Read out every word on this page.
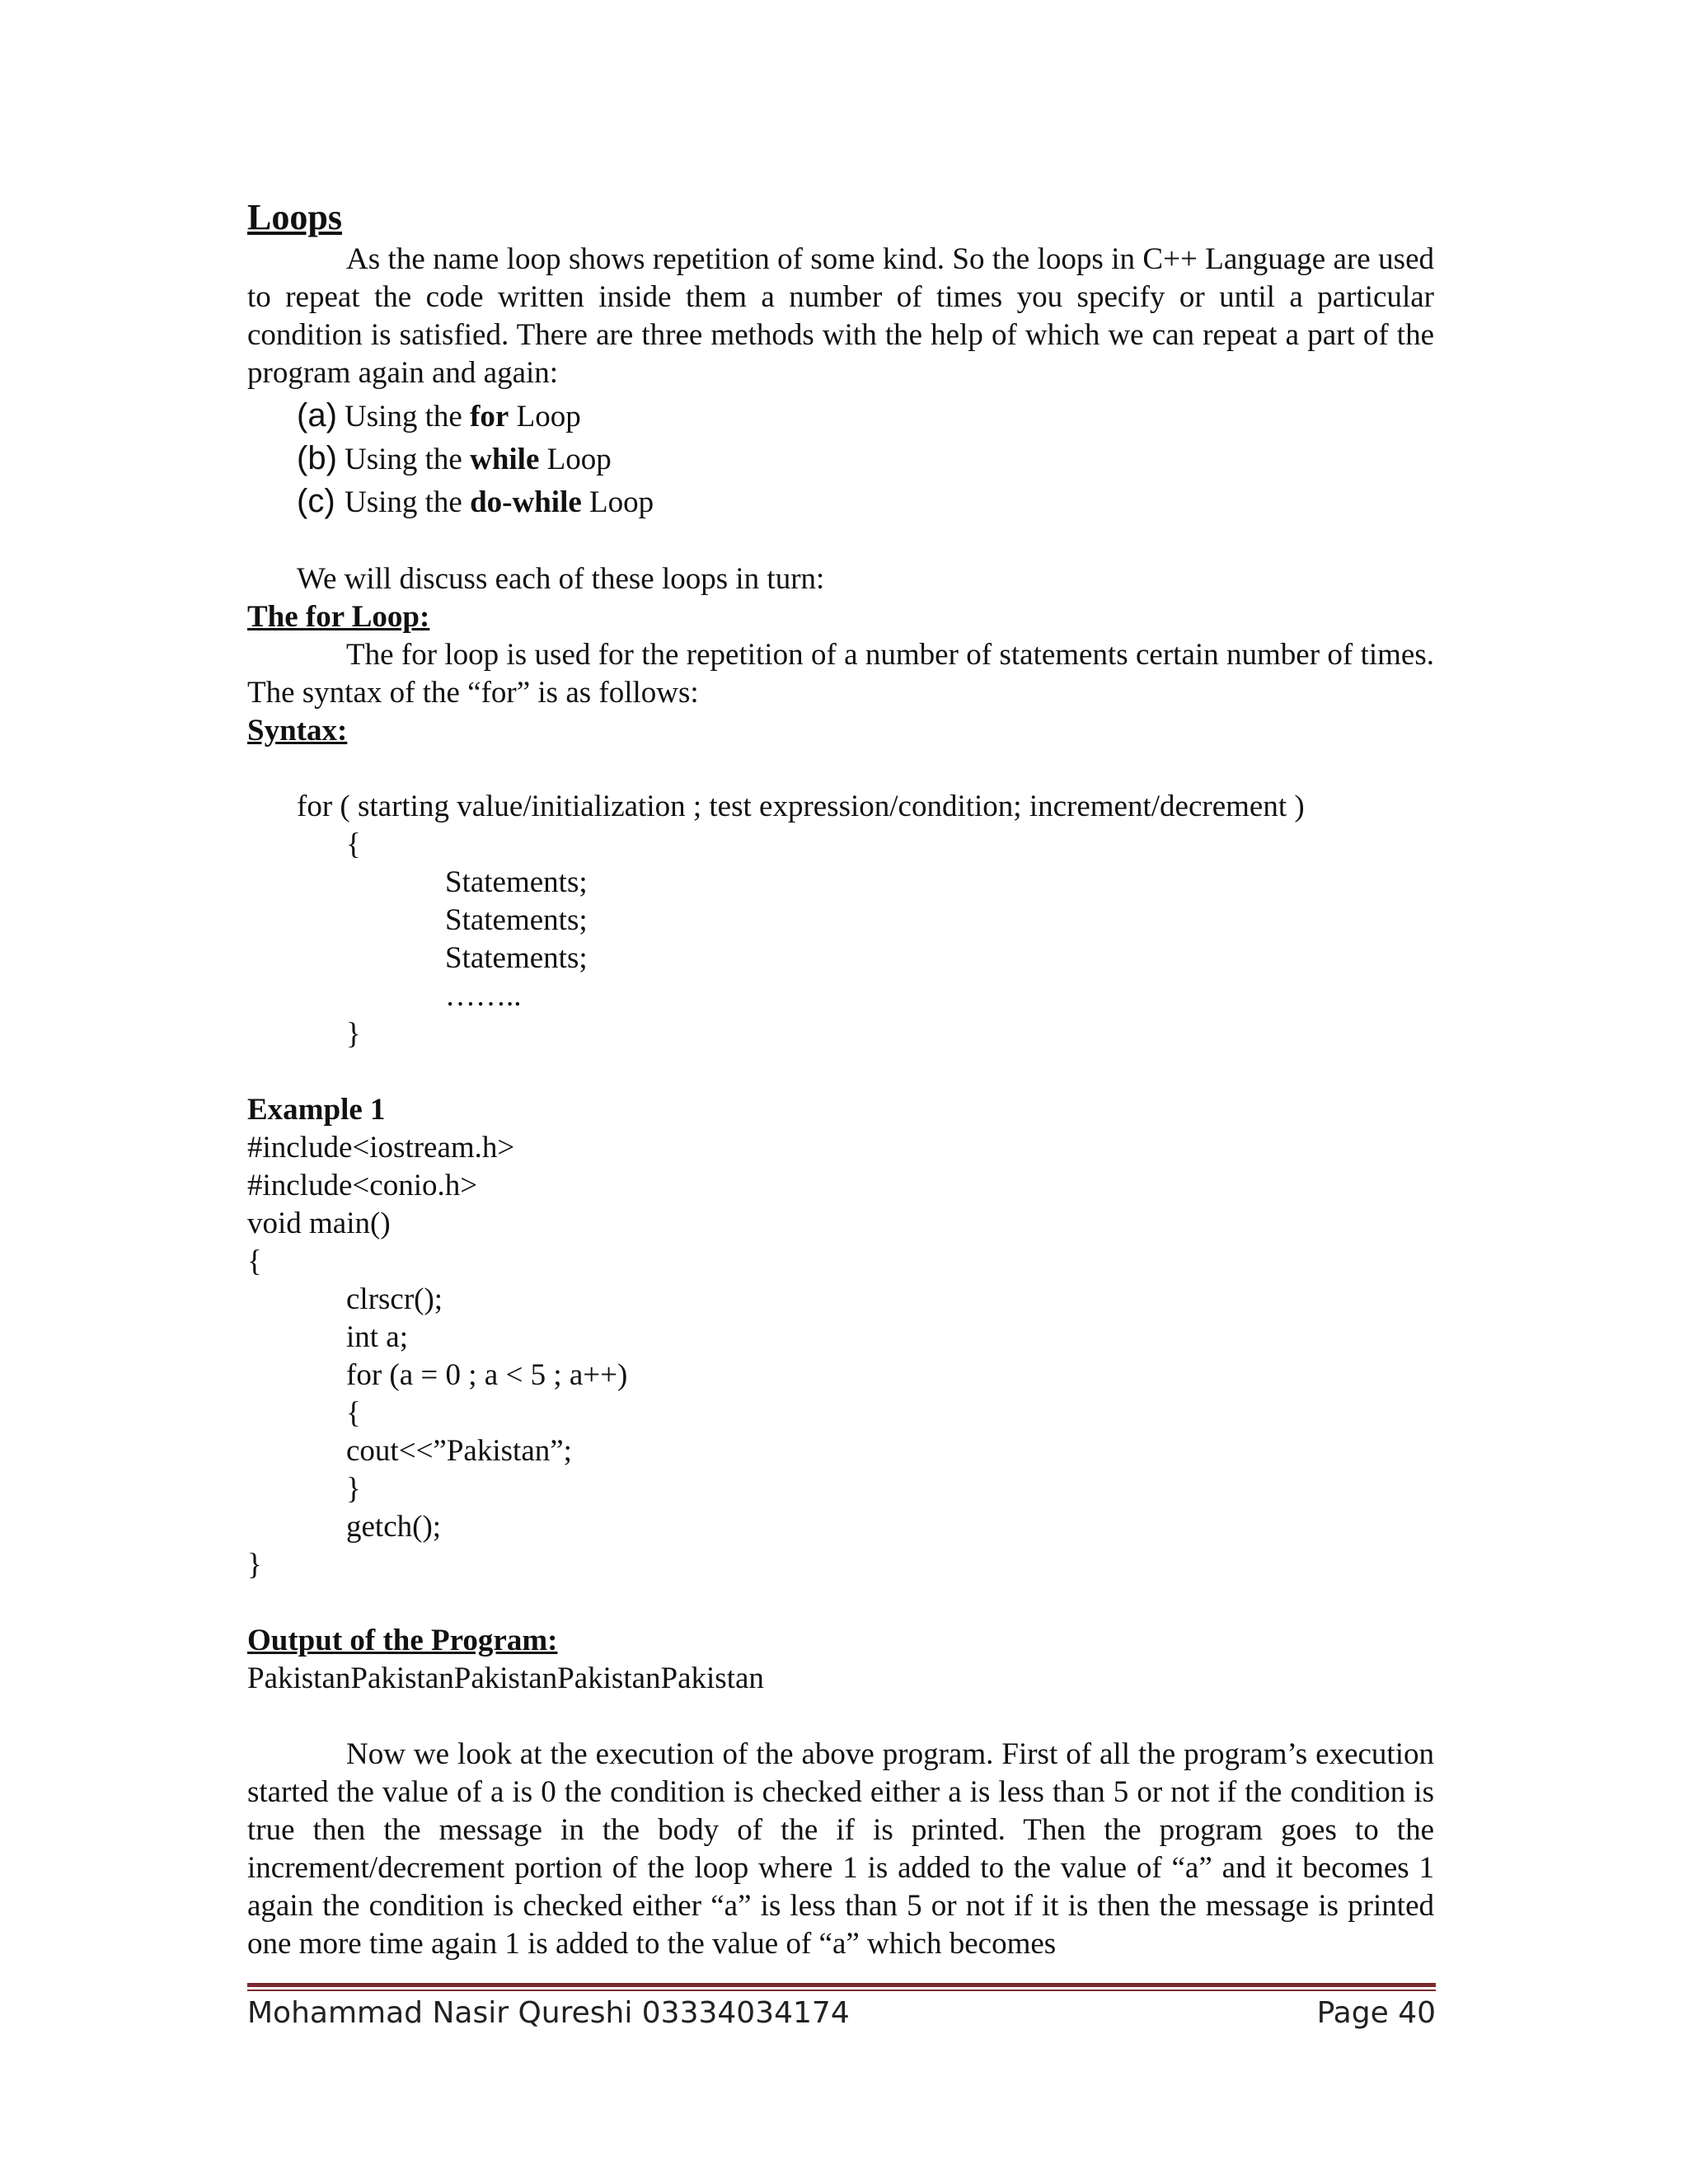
Loops

As the name loop shows repetition of some kind. So the loops in C++ Language are used to repeat the code written inside them a number of times you specify or until a particular condition is satisfied. There are three methods with the help of which we can repeat a part of the program again and again:

(a) Using the for Loop
(b) Using the while Loop
(c) Using the do-while Loop
We will discuss each of these loops in turn:
The for Loop:

The for loop is used for the repetition of a number of statements certain number of times. The syntax of the “for” is as follows:

Syntax:
for ( starting value/initialization ; test expression/condition; increment/decrement )
{
Statements;
Statements;
Statements;
……..
}
Example 1
#include<iostream.h>
#include<conio.h>
void main()
{
clrscr();
int a;
for (a = 0 ; a < 5 ; a++)
{
cout<<”Pakistan”;
}
getch();
}
Output of the Program:
PakistanPakistanPakistanPakistanPakistan

Now we look at the execution of the above program. First of all the program’s execution started the value of a is 0 the condition is checked either a is less than 5 or not if the condition is true then the message in the body of the if is printed. Then the program goes to the increment/decrement portion of the loop where 1 is added to the value of “a” and it becomes 1 again the condition is checked either “a” is less than 5 or not if it is then the message is printed one more time again 1 is added to the value of “a” which becomes

Mohammad Nasir Qureshi 03334034174	Page 40
